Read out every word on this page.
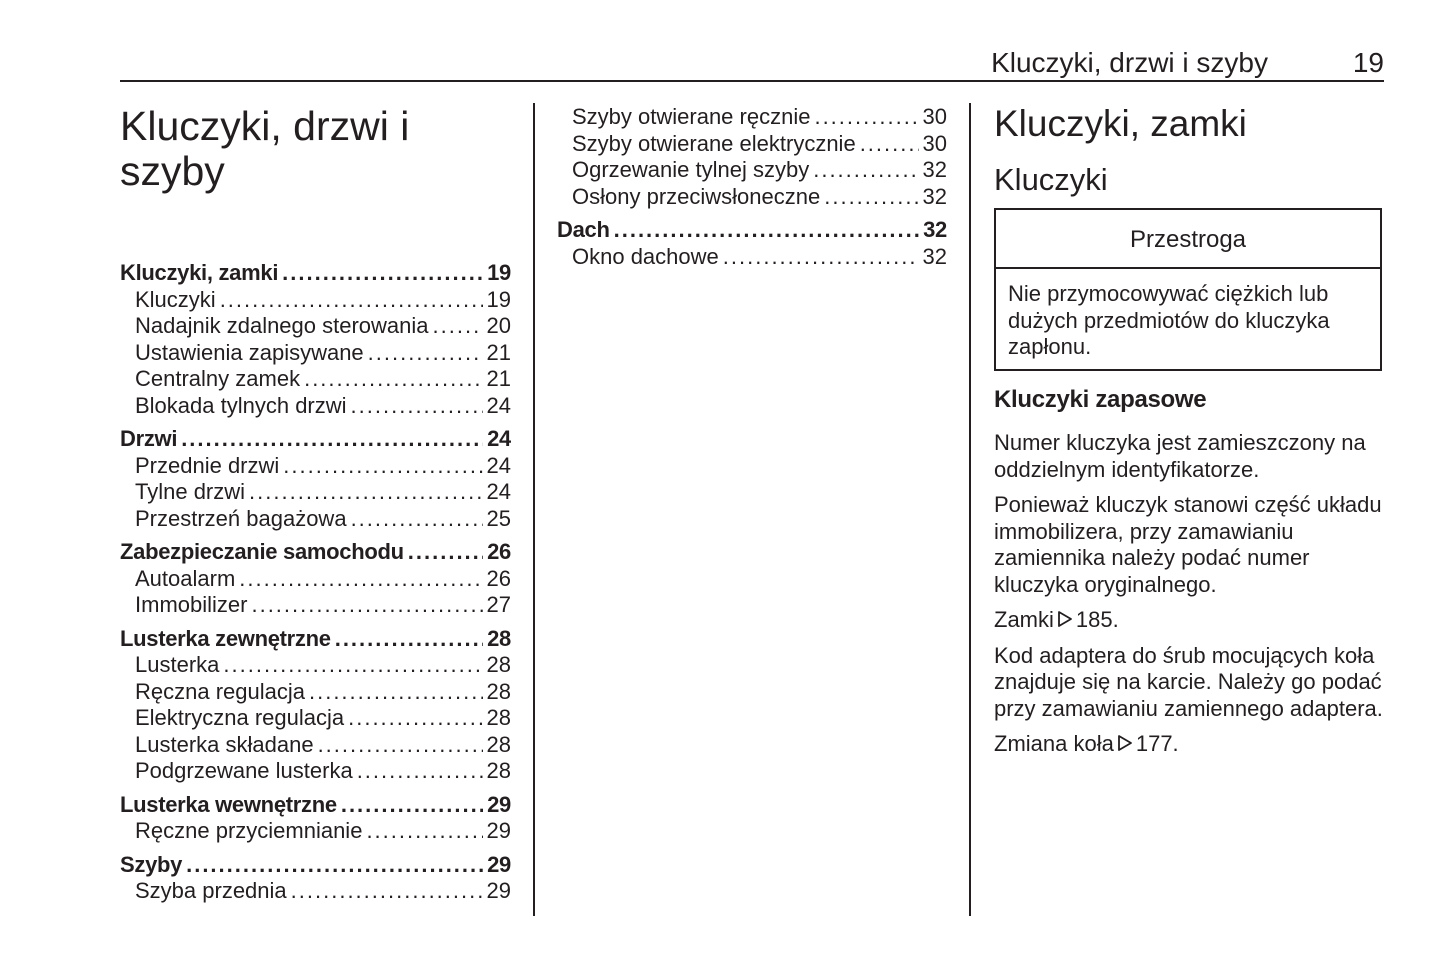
Kluczyki, drzwi i szyby	19
Kluczyki, drzwi i szyby
Kluczyki, zamki .....	19
Kluczyki .....	19
Nadajnik zdalnego sterowania .....	20
Ustawienia zapisywane .....	21
Centralny zamek .....	21
Blokada tylnych drzwi .....	24
Drzwi .....	24
Przednie drzwi .....	24
Tylne drzwi .....	24
Przestrzeń bagażowa .....	25
Zabezpieczanie samochodu .....	26
Autoalarm .....	26
Immobilizer .....	27
Lusterka zewnętrzne .....	28
Lusterka .....	28
Ręczna regulacja .....	28
Elektryczna regulacja .....	28
Lusterka składane .....	28
Podgrzewane lusterka .....	28
Lusterka wewnętrzne .....	29
Ręczne przyciemnianie .....	29
Szyby .....	29
Szyba przednia .....	29
Szyby otwierane ręcznie .....	30
Szyby otwierane elektrycznie .....	30
Ogrzewanie tylnej szyby .....	32
Osłony przeciwsłoneczne .....	32
Dach .....	32
Okno dachowe .....	32
Kluczyki, zamki
Kluczyki
Przestroga
Nie przymocowywać ciężkich lub dużych przedmiotów do kluczyka zapłonu.
Kluczyki zapasowe

Numer kluczyka jest zamieszczony na oddzielnym identyfikatorze.

Ponieważ kluczyk stanowi część układu immobilizera, przy zamawianiu zamiennika należy podać numer kluczyka oryginalnego.

Zamki 185.

Kod adaptera do śrub mocujących koła znajduje się na karcie. Należy go podać przy zamawianiu zamiennego adaptera.

Zmiana koła 177.
